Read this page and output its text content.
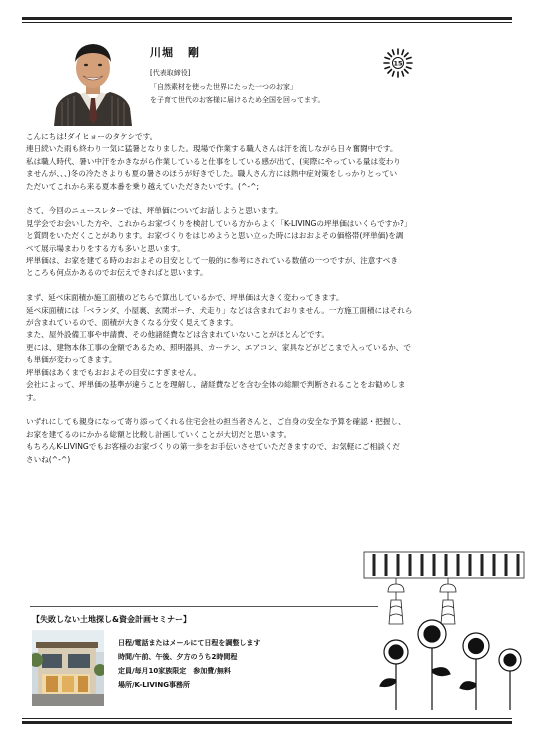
川堀 剛
[代表取締役]
「自然素材を使った世界にたった一つのお家」
を子育て世代のお客様に届けるため全国を回ってます。
15

こんにちは!ダイヒョーのタケシです。
連日続いた雨も終わり一気に猛暑となりました。現場で作業する職人さんは汗を流しながら日々奮闘中です。
私は職人時代、暑い中汗をかきながら作業していると仕事をしている感が出て、(実際にやっている量は変わり
ませんが、、、)冬の冷たさよりも夏の暑さのほうが好きでした。職人さん方には熱中症対策をしっかりとってい
ただいてこれから来る夏本番を乗り越えていただきたいです。(^-^;

さて、今回のニュースレターでは、坪単価についてお話しようと思います。
見学会でお会いした方や、これからお家づくりを検討している方からよく「K-LIVINGの坪単価はいくらですか?」
と質問をいただくことがあります。お家づくりをはじめようと思い立った時にはおおよその価格帯(坪単価)を調
べて展示場まわりをする方も多いと思います。
坪単価は、お家を建てる時のおおよその目安として一般的に参考にされている数値の一つですが、注意すべき
ところも何点かあるのでお伝えできればと思います。

まず、延べ床面積か施工面積のどちらで算出しているかで、坪単価は大きく変わってきます。
延べ床面積には「ベランダ、小屋裏、玄関ポーチ、犬走り」などは含まれておりません。一方施工面積にはそれら
が含まれているので、面積が大きくなる分安く見えてきます。
また、屋外設備工事や申請費、その他諸経費などは含まれていないことがほとんどです。
更には、建物本体工事の金額であるため、照明器具、カーテン、エアコン、家具などがどこまで入っているか、で
も単価が変わってきます。
坪単価はあくまでもおおよその目安にすぎません。
会社によって、坪単価の基準が違うことを理解し、諸経費などを含む全体の総額で判断されることをお勧めしま
す。

いずれにしても親身になって寄り添ってくれる住宅会社の担当者さんと、ご自身の安全な予算を確認・把握し、
お家を建てるのにかかる総額と比較し計画していくことが大切だと思います。
もちろんK-LIVINGでもお客様のお家づくりの第一歩をお手伝いさせていただきますので、お気軽にご相談くだ
さいね(^-^)

【失敗しない土地探し&資金計画セミナー】
日程/電話またはメールにて日程を調整します
時間/午前、午後、夕方のうち2時間程
定員/毎月10家族限定　参加費/無料
場所/K-LIVING事務所
